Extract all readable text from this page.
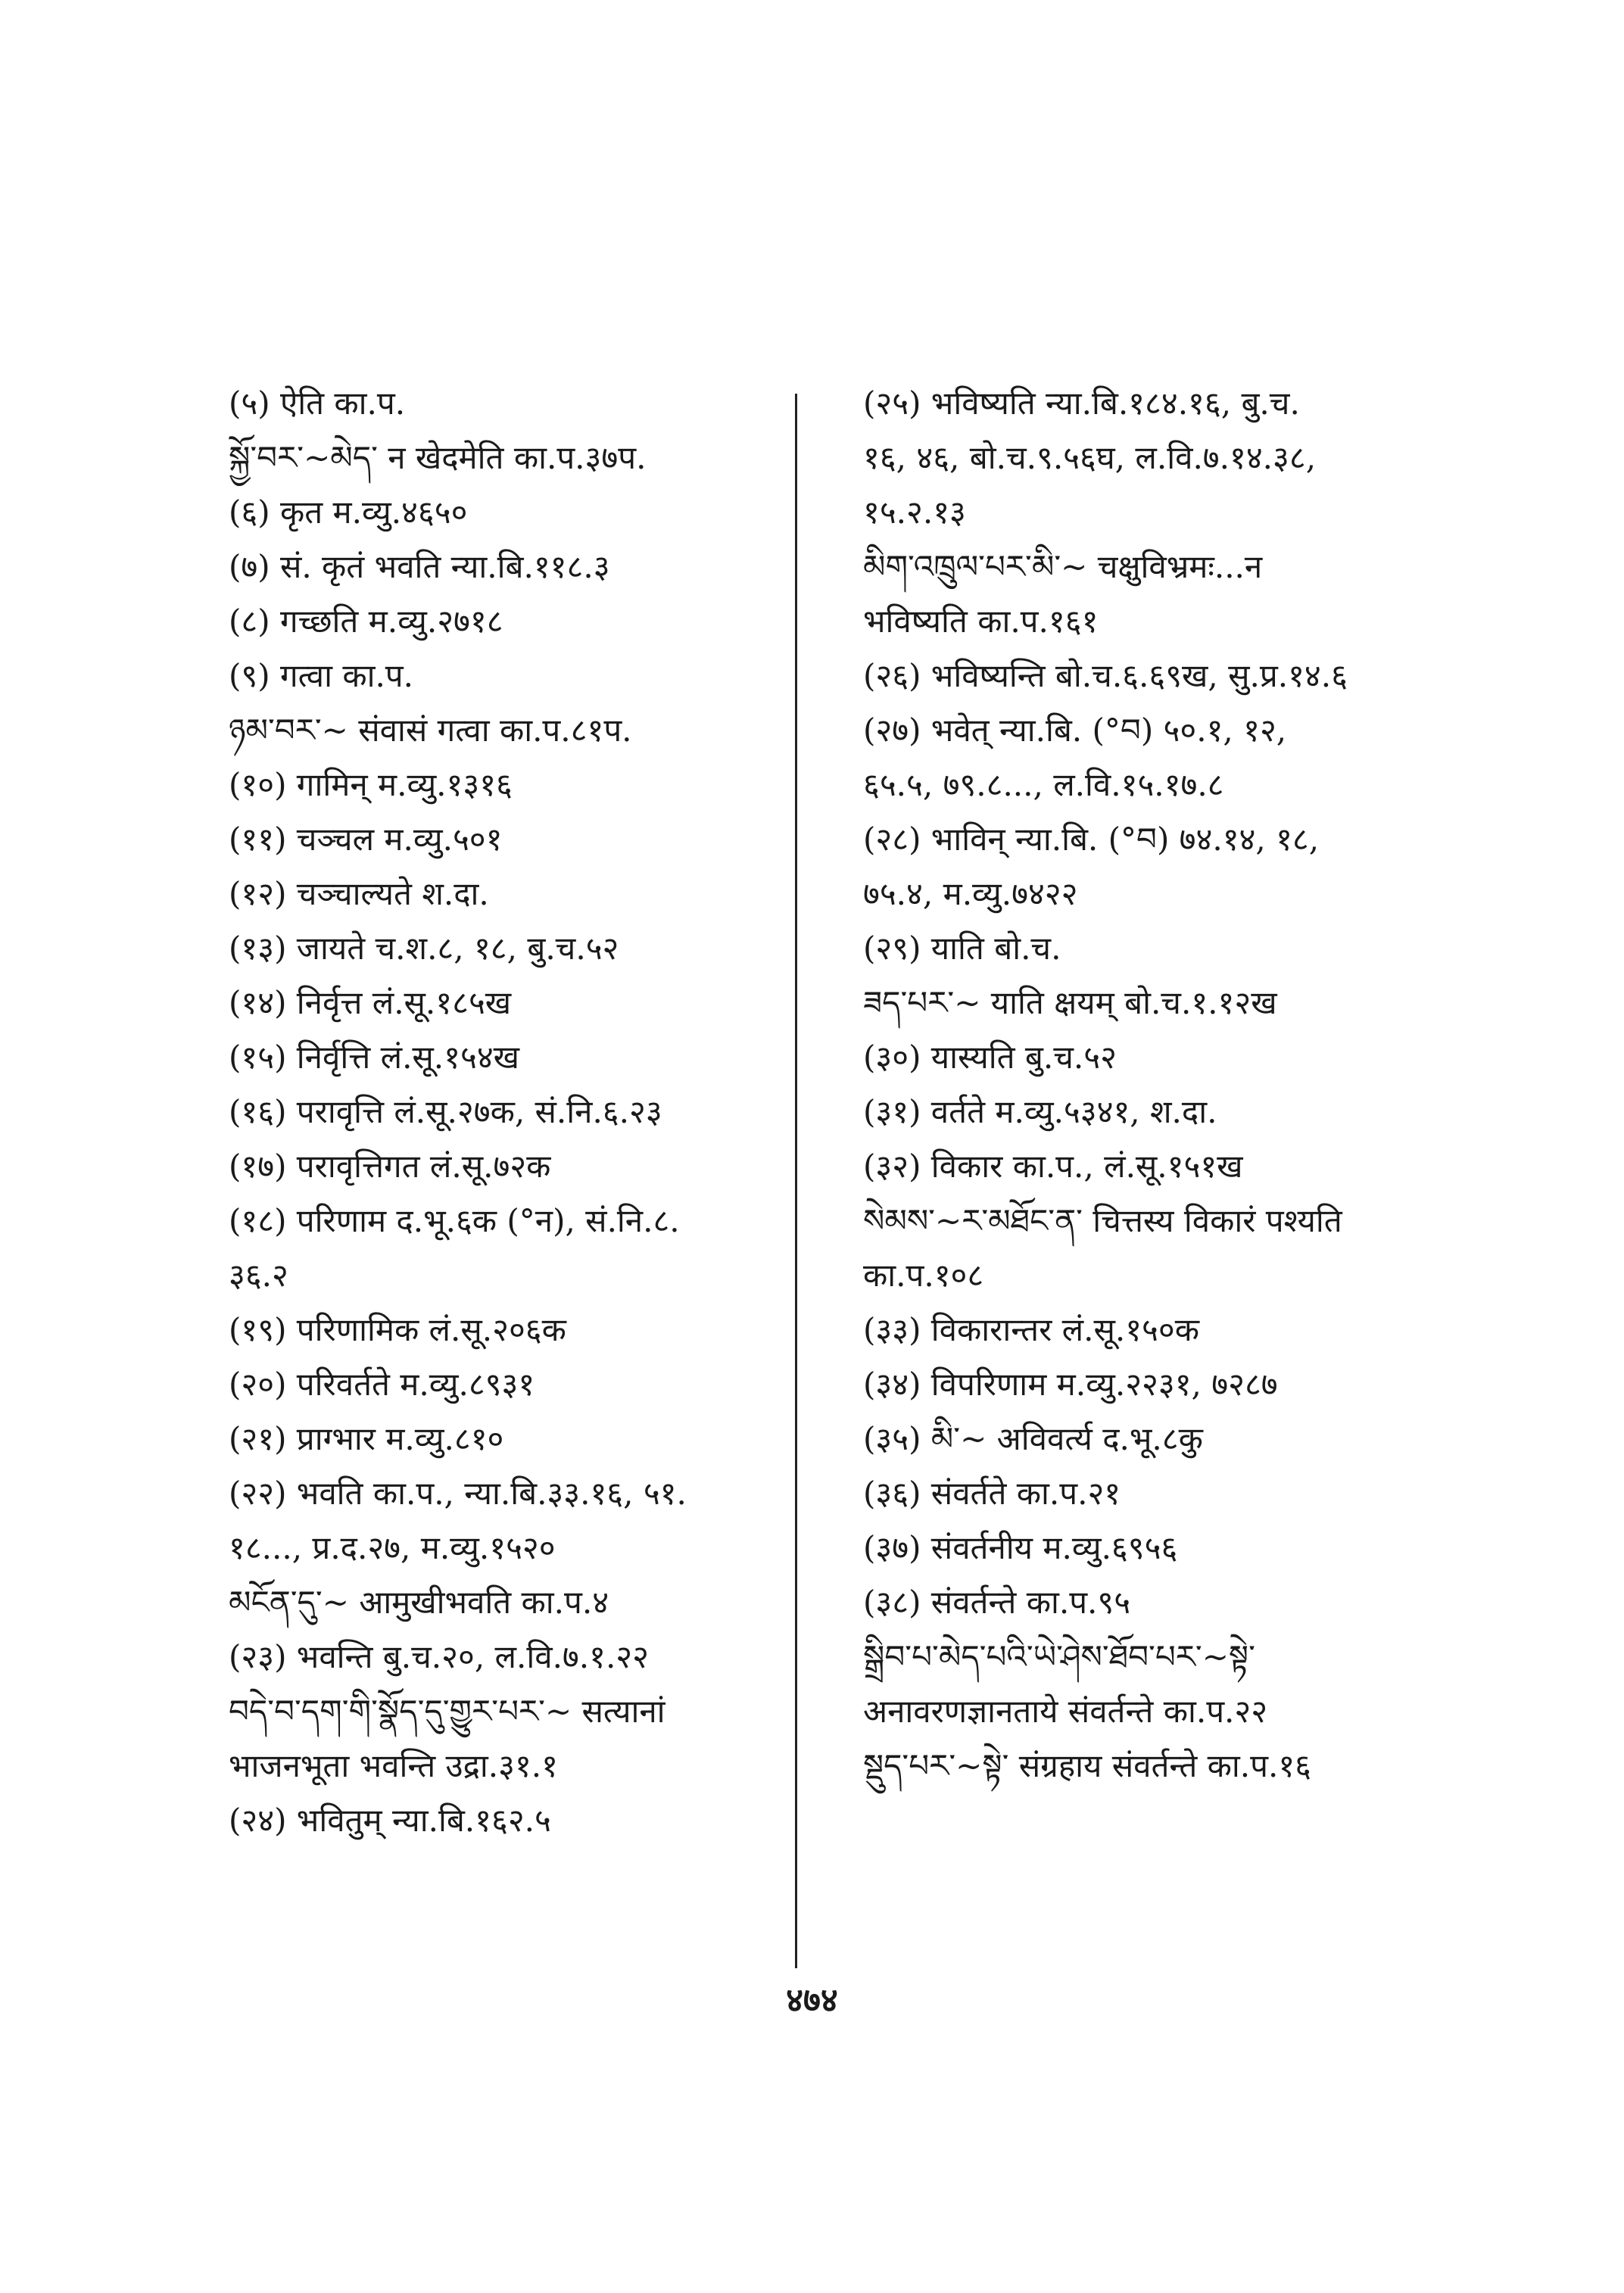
(५) ऐति का.प.
སྐྱོ་བར་~མེད་ न खेदमेति का.प.३७प.
(६) कृत म.व्यु.४६५०
(७) सं. कृतं भवति न्या.बि.११८.३
(८) गच्छति म.व्यु.२७१८
(९) गत्वा का.प.
ཉམ་བར་~ संवासं गत्वा का.प.८१प.
(१०) गामिन् म.व्यु.१३१६
(११) चञ्चल म.व्यु.५०१
(१२) चञ्चाल्यते श.दा.
(१३) जायते च.श.८, १८, बु.च.५२
(१४) निर्वृत्त लं.सू.१८५ख
(१५) निर्वृत्ति लं.सू.१५४ख
(१६) परावृत्ति लं.सू.२७क, सं.नि.६.२३
(१७) परावृत्तिगत लं.सू.७२क
(१८) परिणाम द.भू.६क (°न), सं.नि.८.
३६.२
(१९) परिणामिक लं.सू.२०६क
(२०) परिवर्तते म.व्यु.८९३१
(२१) प्राग्भार म.व्यु.८१०
(२२) भवति का.प., न्या.बि.३३.१६, ५१.
१८..., प्र.द.२७, म.व्यु.१५२०
མངོན་དུ་~ आमुखीभवति का.प.४
(२३) भवन्ति बु.च.२०, ल.वि.७.१.२२
བདེ་བ་དག་གི་སྣོད་དུ་གྱུར་པར་~ सत्यानां
भाजनभूता भवन्ति उद्रा.३१.१
(२४) भवितुम् न्या.बि.१६२.५
(२५) भविष्यति न्या.बि.१८४.१६, बु.च.
१६, ४६, बो.च.९.५६घ, ल.वि.७.१४.३८,
१५.२.१३
མིག་འཁྲུལ་པར་མི་~ चक्षुविभ्रमः...न
भविष्यति का.प.१६१
(२६) भविष्यन्ति बो.च.६.६९ख, सु.प्र.१४.६
(२७) भवेत् न्या.बि. (°བ) ५०.१, १२,
६५.५, ७९.८..., ल.वि.१५.१७.८
(२८) भाविन् न्या.बि. (°བ) ७४.१४, १८,
७५.४, म.व्यु.७४२२
(२९) याति बो.च.
ཟད་པར་~ याति क्षयम् बो.च.१.१२ख
(३०) यास्यति बु.च.५२
(३१) वर्तते म.व्यु.५३४१, श.दा.
(३२) विकार का.प., लं.सू.१५१ख
སེམས་~ར་མཐོང་ན་ चित्तस्य विकारं पश्यति
का.प.१०८
(३३) विकारान्तर लं.सू.१५०क
(३४) विपरिणाम म.व्यु.२२३१, ७२८७
(३५) མི་~ अविवर्त्य द.भू.८कु
(३६) संवर्तते का.प.२१
(३७) संवर्तनीय म.व्यु.६९५६
(३८) संवर्तन्ते का.प.९५
སྒྲིབ་པ་མེད་པའི་ཡེ་ཤེས་ཐོབ་པར་~སྟེ་
अनावरणज्ञानताये संवर्तन्ते का.प.२२
སྡུད་པར་~སྟེ་ संग्रहाय संवर्तन्ते का.प.१६
४७४
